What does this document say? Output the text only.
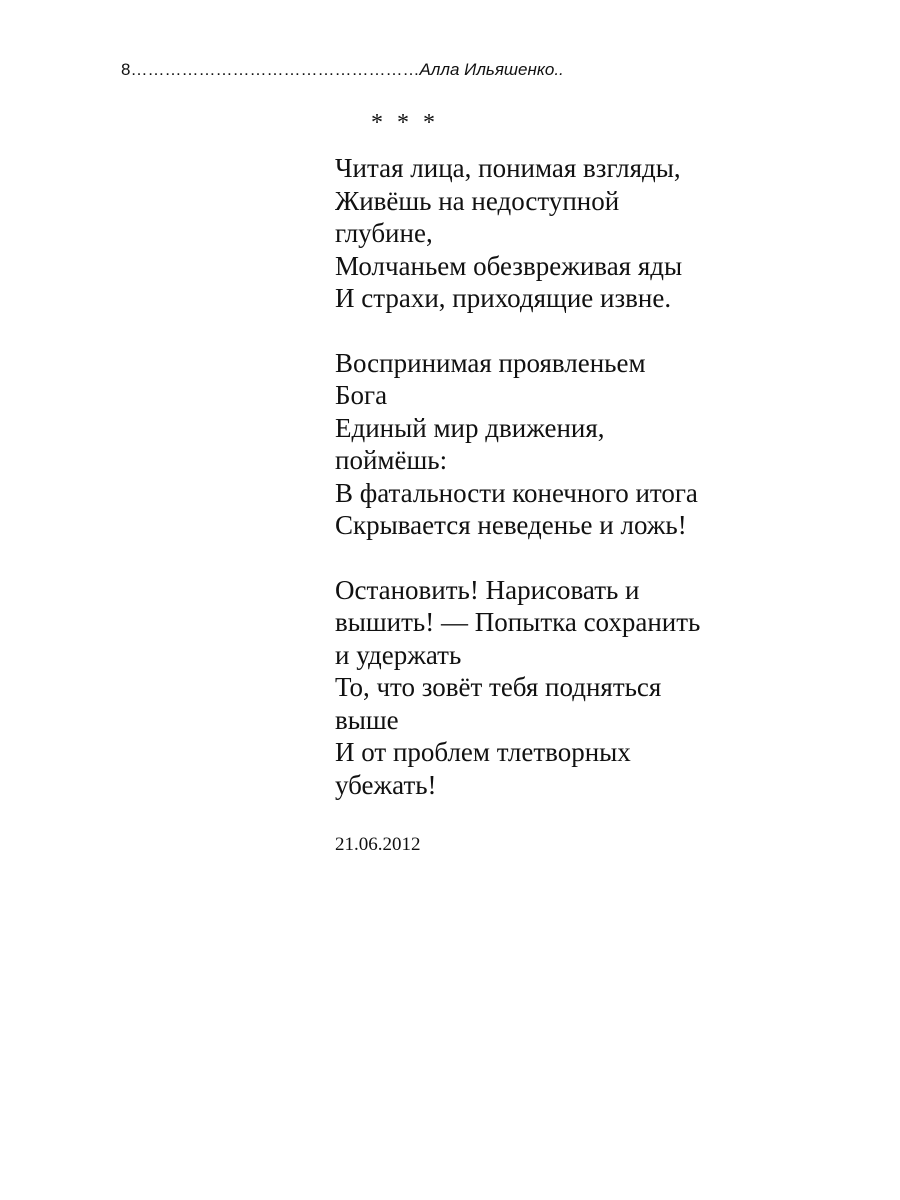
8……………………………………………Алла Ильяшенко..
* * *
Читая лица, понимая взгляды,
Живёшь на недоступной
глубине,
Молчаньем обезвреживая яды
И страхи, приходящие извне.
Воспринимая проявленьем
Бога
Единый мир движения,
поймёшь:
В фатальности конечного итога
Скрывается неведенье и ложь!
Остановить! Нарисовать и
вышить! — Попытка сохранить
и удержать
То, что зовёт тебя подняться
выше
И от проблем тлетворных
убежать!
21.06.2012
